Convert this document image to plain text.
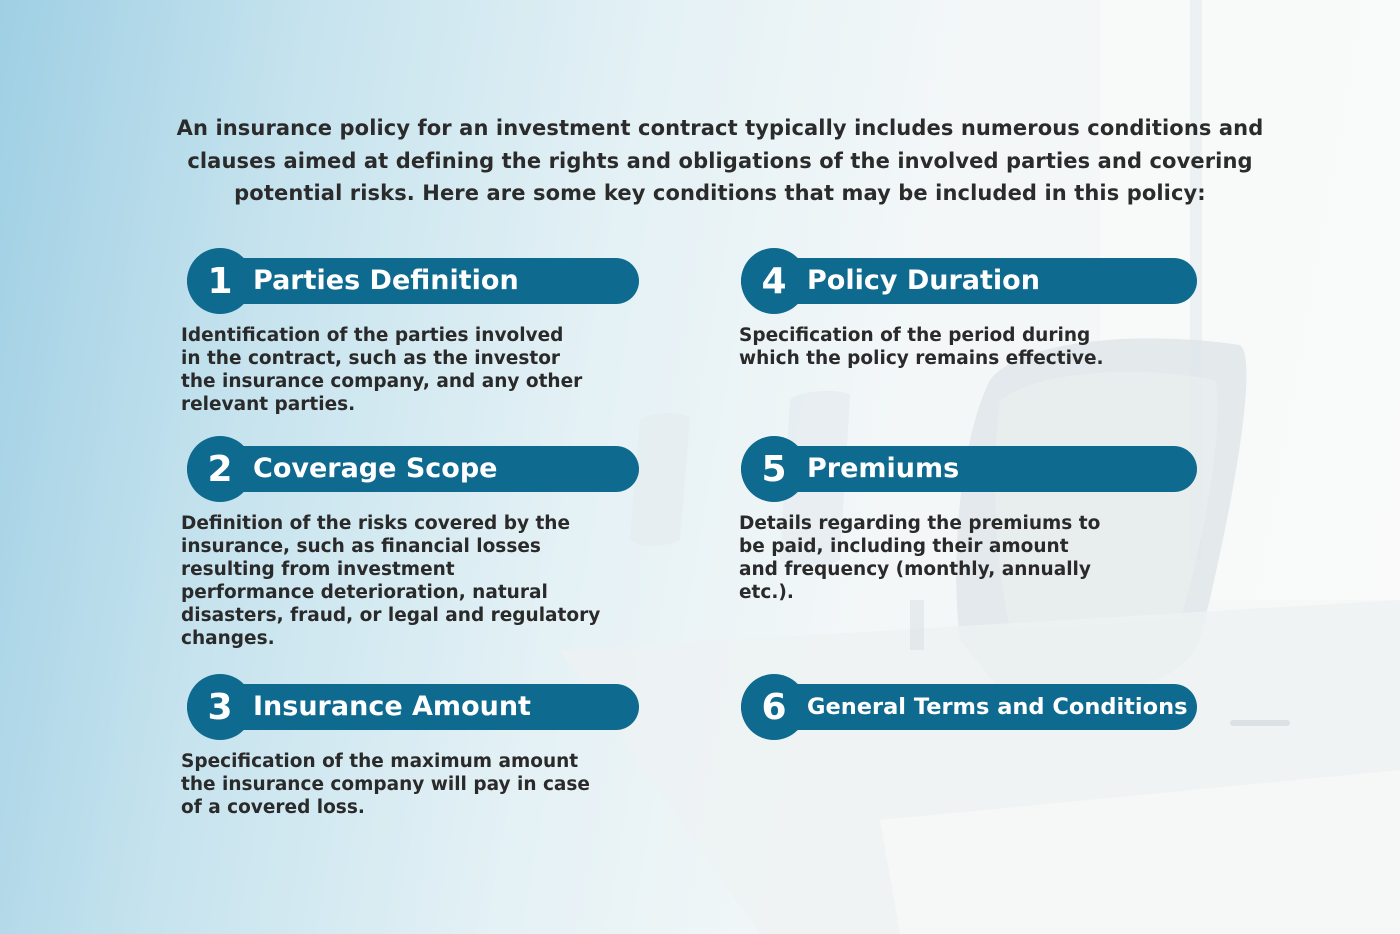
An insurance policy for an investment contract typically includes numerous conditions and clauses aimed at defining the rights and obligations of the involved parties and covering potential risks. Here are some key conditions that may be included in this policy:

1 Parties Definition

Identification of the parties involved
in the contract, such as the investor
the insurance company, and any other
relevant parties.

2 Coverage Scope

Definition of the risks covered by the
insurance, such as financial losses
resulting from investment
performance deterioration, natural
disasters, fraud, or legal and regulatory
changes.

3 Insurance Amount

Specification of the maximum amount
the insurance company will pay in case
of a covered loss.

4 Policy Duration

Specification of the period during
which the policy remains effective.

5 Premiums

Details regarding the premiums to
be paid, including their amount
and frequency (monthly, annually
etc.).

6 General Terms and Conditions
